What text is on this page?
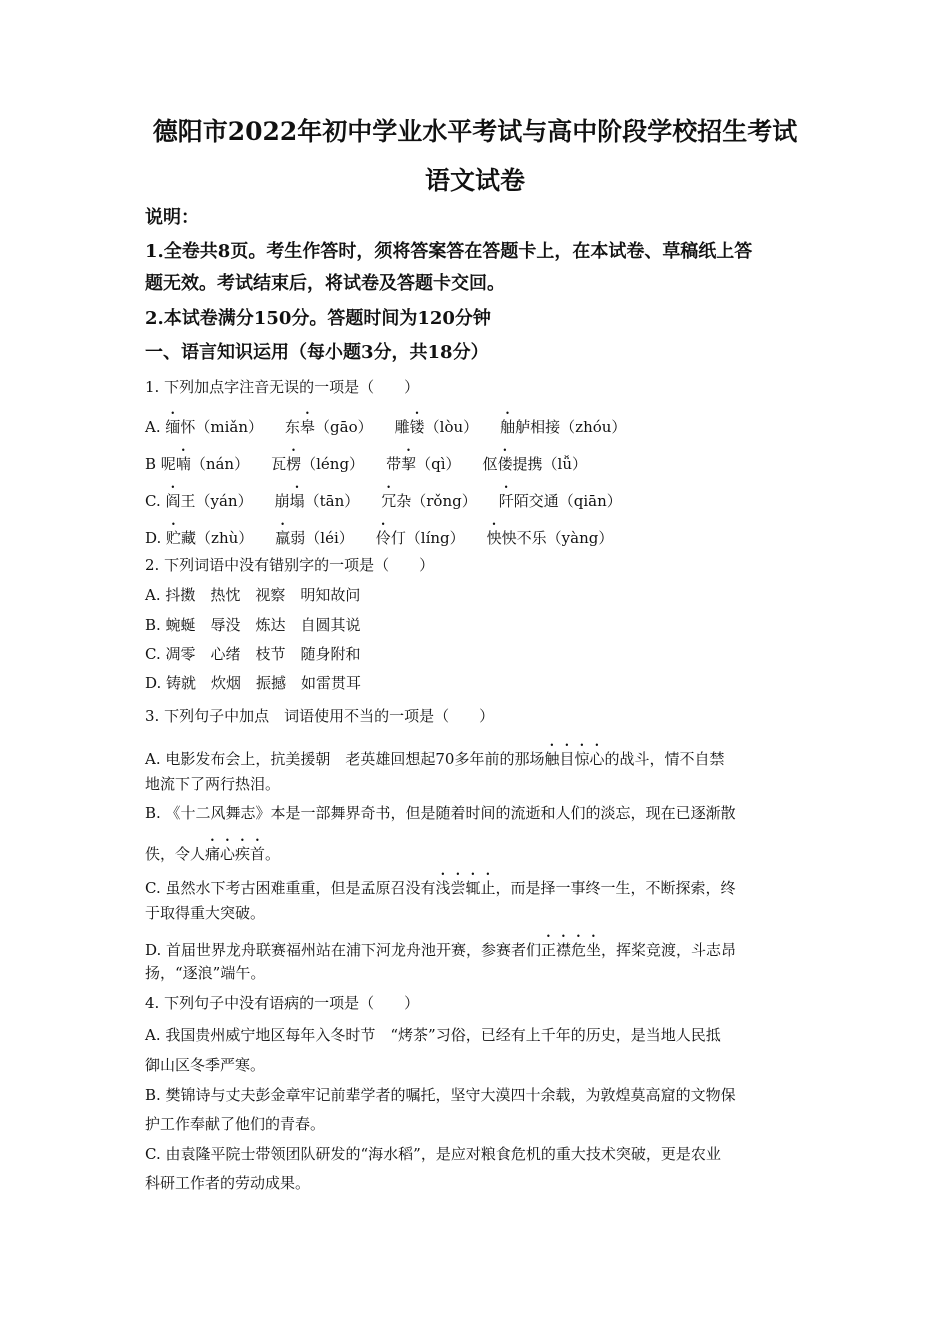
德阳市2022年初中学业水平考试与高中阶段学校招生考试
语文试卷
说明：
1.全卷共8页。考生作答时，须将答案答在答题卡上，在本试卷、草稿纸上答
题无效。考试结束后，将试卷及答题卡交回。
2.本试卷满分150分。答题时间为120分钟
一、语言知识运用（每小题3分，共18分）
1. 下列加点字注音无误的一项是（　　）
A. 缅怀（miǎn） 东皋（gāo） 雕镂（lòu） 舳舻相接（zhóu）
B 呢喃（nán） 瓦楞（léng） 带挈（qì） 伛偻提携（lǚ）
C. 阎王（yán） 崩塌（tān） 冗杂（rǒng） 阡陌交通（qiān）
D. 贮藏（zhù） 羸弱（léi） 伶仃（líng） 怏怏不乐（yàng）
2. 下列词语中没有错别字的一项是（　　）
A. 抖擞　热忱　视察　明知故问
B. 蜿蜒　辱没　炼达　自圆其说
C. 凋零　心绪　枝节　随身附和
D. 铸就　炊烟　振撼　如雷贯耳
3. 下列句子中加点　词语使用不当的一项是（　　）
A. 电影发布会上，抗美援朝　老英雄回想起70多年前的那场触目惊心的战斗，情不自禁
地流下了两行热泪。
B. 《十二风舞志》本是一部舞界奇书，但是随着时间的流逝和人们的淡忘，现在已逐渐散
佚，令人痛心疾首。
C. 虽然水下考古困难重重，但是孟原召没有浅尝辄止，而是择一事终一生，不断探索，终
于取得重大突破。
D. 首届世界龙舟联赛福州站在浦下河龙舟池开赛，参赛者们正襟危坐，挥桨竞渡，斗志昂
扬，“逐浪”端午。
4. 下列句子中没有语病的一项是（　　）
A. 我国贵州威宁地区每年入冬时节　“烤茶”习俗，已经有上千年的历史，是当地人民抵
御山区冬季严寒。
B. 樊锦诗与丈夫彭金章牢记前辈学者的嘱托，坚守大漠四十余载，为敦煌莫高窟的文物保
护工作奉献了他们的青春。
C. 由袁隆平院士带领团队研发的“海水稻”，是应对粮食危机的重大技术突破，更是农业
科研工作者的劳动成果。
